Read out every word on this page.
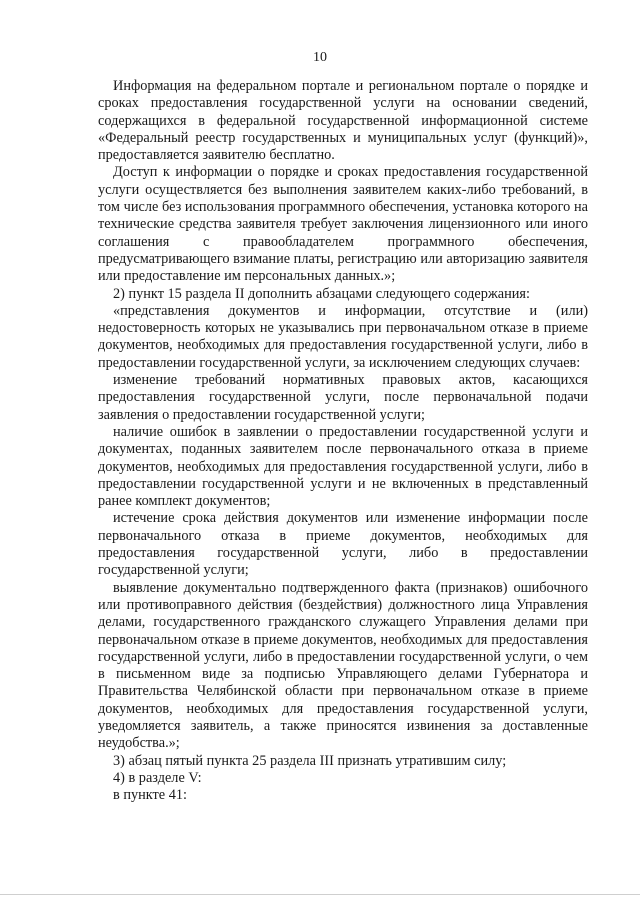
10

Информация на федеральном портале и региональном портале о порядке и сроках предоставления государственной услуги на основании сведений, содержащихся в федеральной государственной информационной системе «Федеральный реестр государственных и муниципальных услуг (функций)», предоставляется заявителю бесплатно.

Доступ к информации о порядке и сроках предоставления государственной услуги осуществляется без выполнения заявителем каких-либо требований, в том числе без использования программного обеспечения, установка которого на технические средства заявителя требует заключения лицензионного или иного соглашения с правообладателем программного обеспечения, предусматривающего взимание платы, регистрацию или авторизацию заявителя или предоставление им персональных данных.»;

2) пункт 15 раздела II дополнить абзацами следующего содержания:

«представления документов и информации, отсутствие и (или) недостоверность которых не указывались при первоначальном отказе в приеме документов, необходимых для предоставления государственной услуги, либо в предоставлении государственной услуги, за исключением следующих случаев:

изменение требований нормативных правовых актов, касающихся предоставления государственной услуги, после первоначальной подачи заявления о предоставлении государственной услуги;

наличие ошибок в заявлении о предоставлении государственной услуги и документах, поданных заявителем после первоначального отказа в приеме документов, необходимых для предоставления государственной услуги, либо в предоставлении государственной услуги и не включенных в представленный ранее комплект документов;

истечение срока действия документов или изменение информации после первоначального отказа в приеме документов, необходимых для предоставления государственной услуги, либо в предоставлении государственной услуги;

выявление документально подтвержденного факта (признаков) ошибочного или противоправного действия (бездействия) должностного лица Управления делами, государственного гражданского служащего Управления делами при первоначальном отказе в приеме документов, необходимых для предоставления государственной услуги, либо в предоставлении государственной услуги, о чем в письменном виде за подписью Управляющего делами Губернатора и Правительства Челябинской области при первоначальном отказе в приеме документов, необходимых для предоставления государственной услуги, уведомляется заявитель, а также приносятся извинения за доставленные неудобства.»;

3) абзац пятый пункта 25 раздела III признать утратившим силу;

4) в разделе V:

в пункте 41:
